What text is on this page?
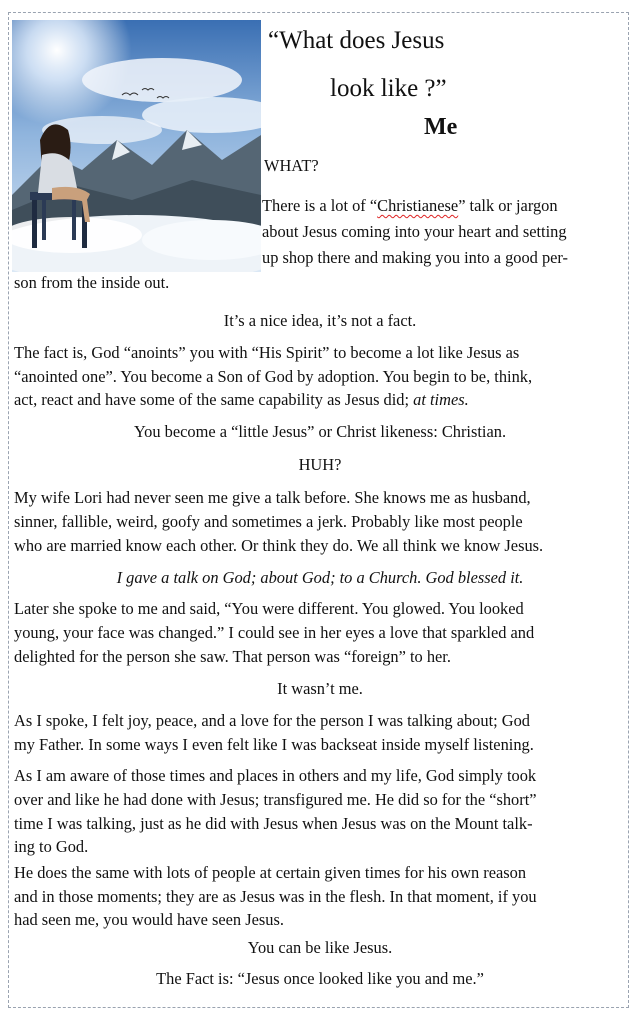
“What does Jesus
look like ?”
Me
WHAT?
There is a lot of “Christianese” talk or jargon
about Jesus coming into your heart and setting
up shop there and making you into a good per-
son from the inside out.
It’s a nice idea, it’s not a fact.
The fact is, God “anoints” you with “His Spirit” to become a lot like Jesus as
“anointed one”. You become a Son of God by adoption. You begin to be, think,
act, react and have some of the same capability as Jesus did; at times.
You become a “little Jesus” or Christ likeness: Christian.
HUH?
My wife Lori had never seen me give a talk before. She knows me as husband,
sinner, fallible, weird, goofy and sometimes a jerk. Probably like most people
who are married know each other. Or think they do. We all think we know Jesus.
I gave a talk on God; about God; to a Church. God blessed it.
Later she spoke to me and said, “You were different. You glowed. You looked
young, your face was changed.” I could see in her eyes a love that sparkled and
delighted for the person she saw. That person was “foreign” to her.
It wasn’t me.
As I spoke, I felt joy, peace, and a love for the person I was talking about; God
my Father. In some ways I even felt like I was backseat inside myself listening.
As I am aware of those times and places in others and my life, God simply took
over and like he had done with Jesus; transfigured me. He did so for the “short”
time I was talking, just as he did with Jesus when Jesus was on the Mount talk-
ing to God.
He does the same with lots of people at certain given times for his own reason
and in those moments; they are as Jesus was in the flesh. In that moment, if you
had seen me, you would have seen Jesus.
You can be like Jesus.
The Fact is: “Jesus once looked like you and me.”
